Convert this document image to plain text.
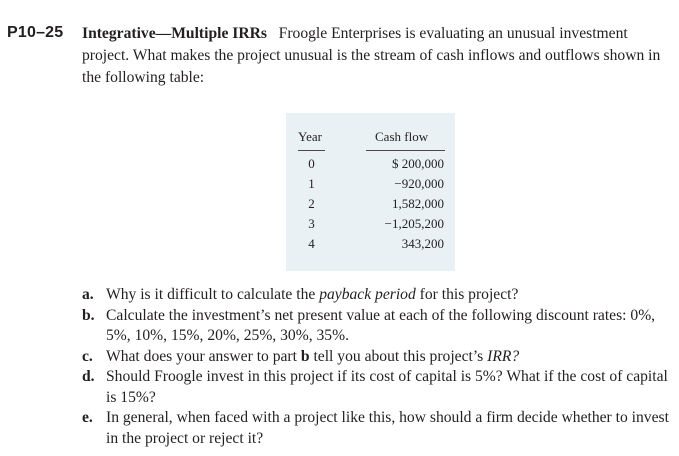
P10–25 Integrative—Multiple IRRs Froogle Enterprises is evaluating an unusual investment project. What makes the project unusual is the stream of cash inflows and outflows shown in the following table:
Year	Cash flow
0
1
2
3
4
$ 200,000
−920,000
1,582,000
−1,205,200
343,200
a. Why is it difficult to calculate the payback period for this project?
b. Calculate the investment’s net present value at each of the following discount rates: 0%, 5%, 10%, 15%, 20%, 25%, 30%, 35%.
c. What does your answer to part b tell you about this project’s IRR?
d. Should Froogle invest in this project if its cost of capital is 5%? What if the cost of capital is 15%?
e. In general, when faced with a project like this, how should a firm decide whether to invest in the project or reject it?
